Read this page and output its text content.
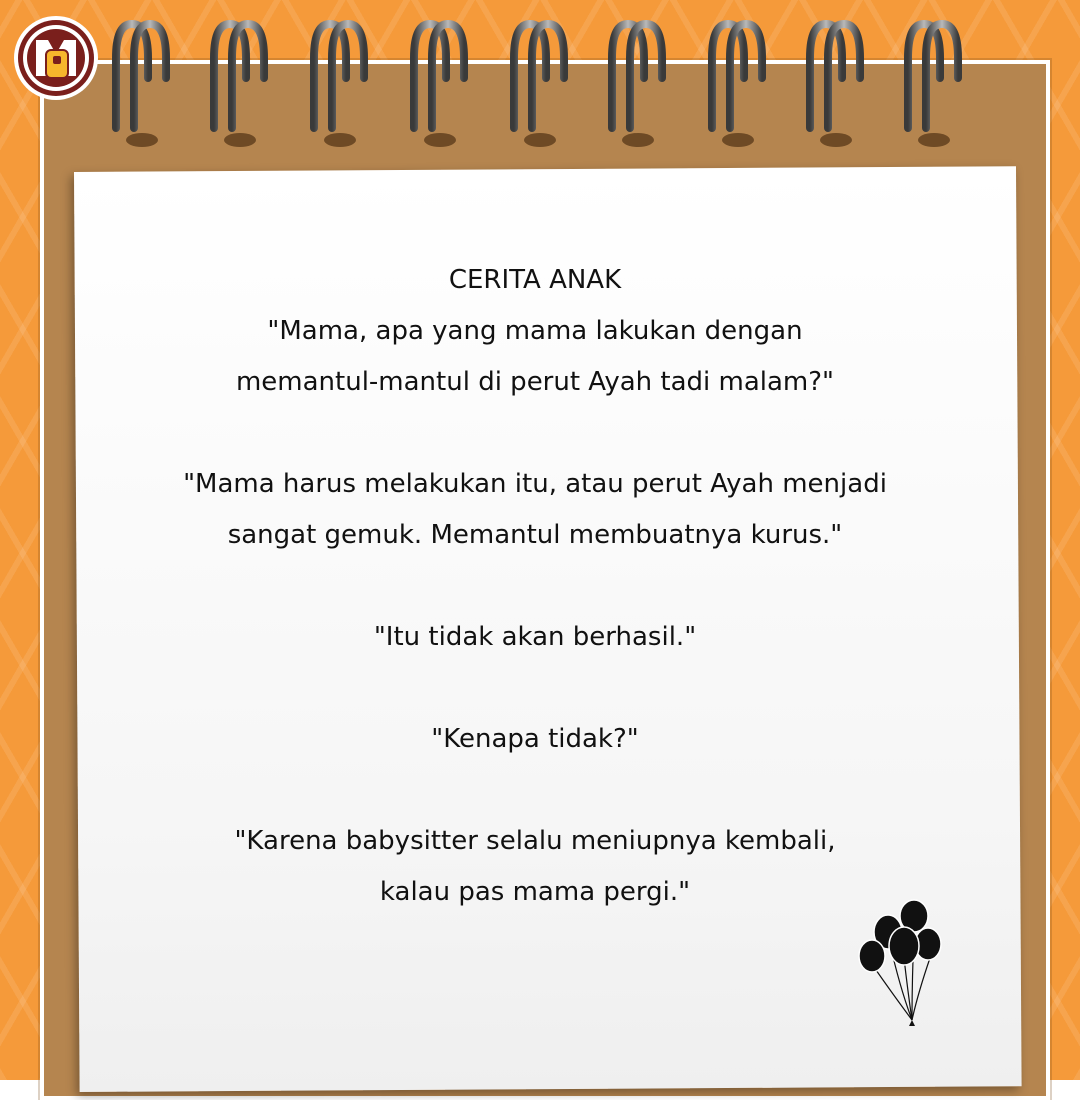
CERITA ANAK
"Mama, apa yang mama lakukan dengan
memantul-mantul di perut Ayah tadi malam?"
"Mama harus melakukan itu, atau perut Ayah menjadi
sangat gemuk. Memantul membuatnya kurus."
"Itu tidak akan berhasil."
"Kenapa tidak?"
"Karena babysitter selalu meniupnya kembali,
kalau pas mama pergi."
